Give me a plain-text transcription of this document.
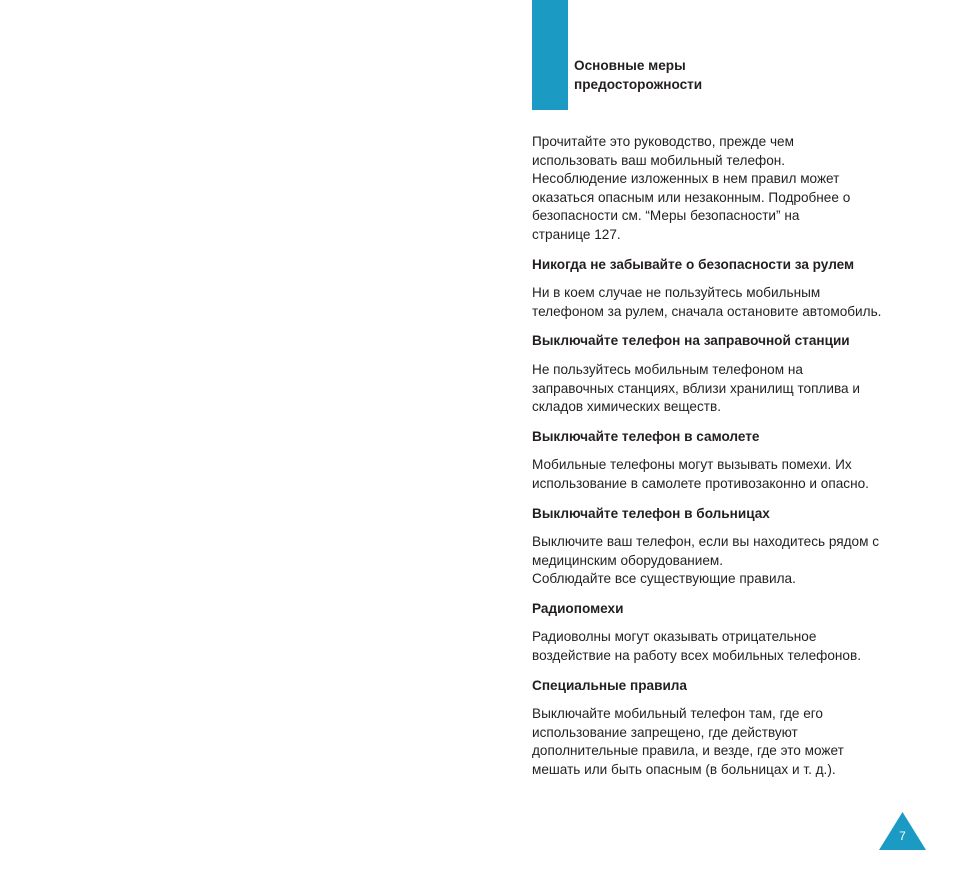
Основные меры
предосторожности

Прочитайте это руководство, прежде чем
использовать ваш мобильный телефон.
Несоблюдение изложенных в нем правил может
оказаться опасным или незаконным. Подробнее о
безопасности см. “Меры безопасности” на
странице 127.

Никогда не забывайте о безопасности за рулем

Ни в коем случае не пользуйтесь мобильным
телефоном за рулем, сначала остановите автомобиль.

Выключайте телефон на заправочной станции

Не пользуйтесь мобильным телефоном на
заправочных станциях, вблизи хранилищ топлива и
складов химических веществ.

Выключайте телефон в самолете

Мобильные телефоны могут вызывать помехи. Их
использование в самолете противозаконно и опасно.

Выключайте телефон в больницах

Выключите ваш телефон, если вы находитесь рядом с
медицинским оборудованием.
Соблюдайте все существующие правила.

Радиопомехи

Радиоволны могут оказывать отрицательное
воздействие на работу всех мобильных телефонов.

Специальные правила

Выключайте мобильный телефон там, где его
использование запрещено, где действуют
дополнительные правила, и везде, где это может
мешать или быть опасным (в больницах и т. д.).

7
